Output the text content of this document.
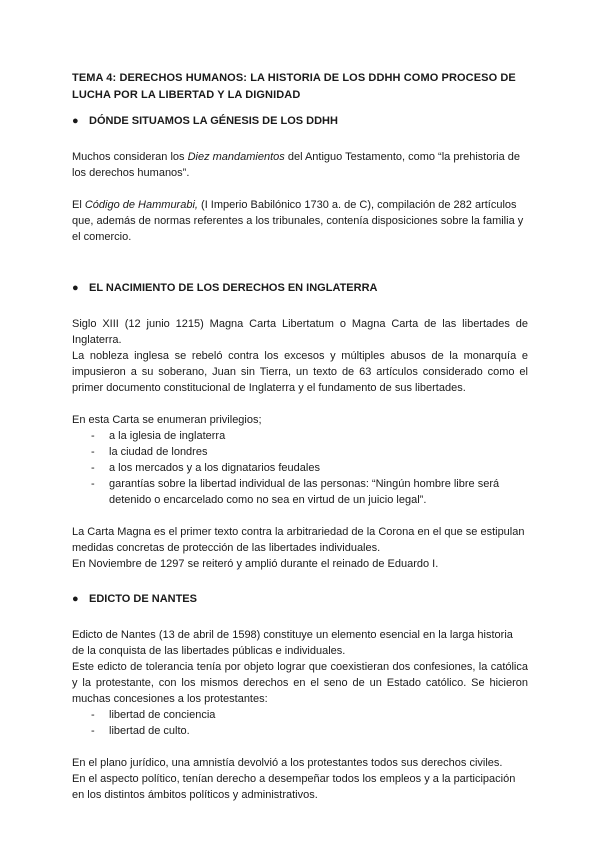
TEMA 4: DERECHOS HUMANOS: LA HISTORIA DE LOS DDHH COMO PROCESO DE LUCHA POR LA LIBERTAD Y LA DIGNIDAD
● DÓNDE SITUAMOS LA GÉNESIS DE LOS DDHH

Muchos consideran los Diez mandamientos del Antiguo Testamento, como “la prehistoria de los derechos humanos”.

El Código de Hammurabi, (I Imperio Babilónico 1730 a. de C), compilación de 282 artículos que, además de normas referentes a los tribunales, contenía disposiciones sobre la familia y el comercio.

● EL NACIMIENTO DE LOS DERECHOS EN INGLATERRA

Siglo XIII (12 junio 1215) Magna Carta Libertatum o Magna Carta de las libertades de Inglaterra.

La nobleza inglesa se rebeló contra los excesos y múltiples abusos de la monarquía e impusieron a su soberano, Juan sin Tierra, un texto de 63 artículos considerado como el primer documento constitucional de Inglaterra y el fundamento de sus libertades.

En esta Carta se enumeran privilegios;

- a la iglesia de inglaterra
- la ciudad de londres
- a los mercados y a los dignatarios feudales
- garantías sobre la libertad individual de las personas: “Ningún hombre libre será detenido o encarcelado como no sea en virtud de un juicio legal”.

La Carta Magna es el primer texto contra la arbitrariedad de la Corona en el que se estipulan medidas concretas de protección de las libertades individuales.

En Noviembre de 1297 se reiteró y amplió durante el reinado de Eduardo I.

● EDICTO DE NANTES

Edicto de Nantes (13 de abril de 1598) constituye un elemento esencial en la larga historia de la conquista de las libertades públicas e individuales.

Este edicto de tolerancia tenía por objeto lograr que coexistieran dos confesiones, la católica y la protestante, con los mismos derechos en el seno de un Estado católico. Se hicieron muchas concesiones a los protestantes:

- libertad de conciencia
- libertad de culto.

En el plano jurídico, una amnistía devolvió a los protestantes todos sus derechos civiles.

En el aspecto político, tenían derecho a desempeñar todos los empleos y a la participación en los distintos ámbitos políticos y administrativos.
